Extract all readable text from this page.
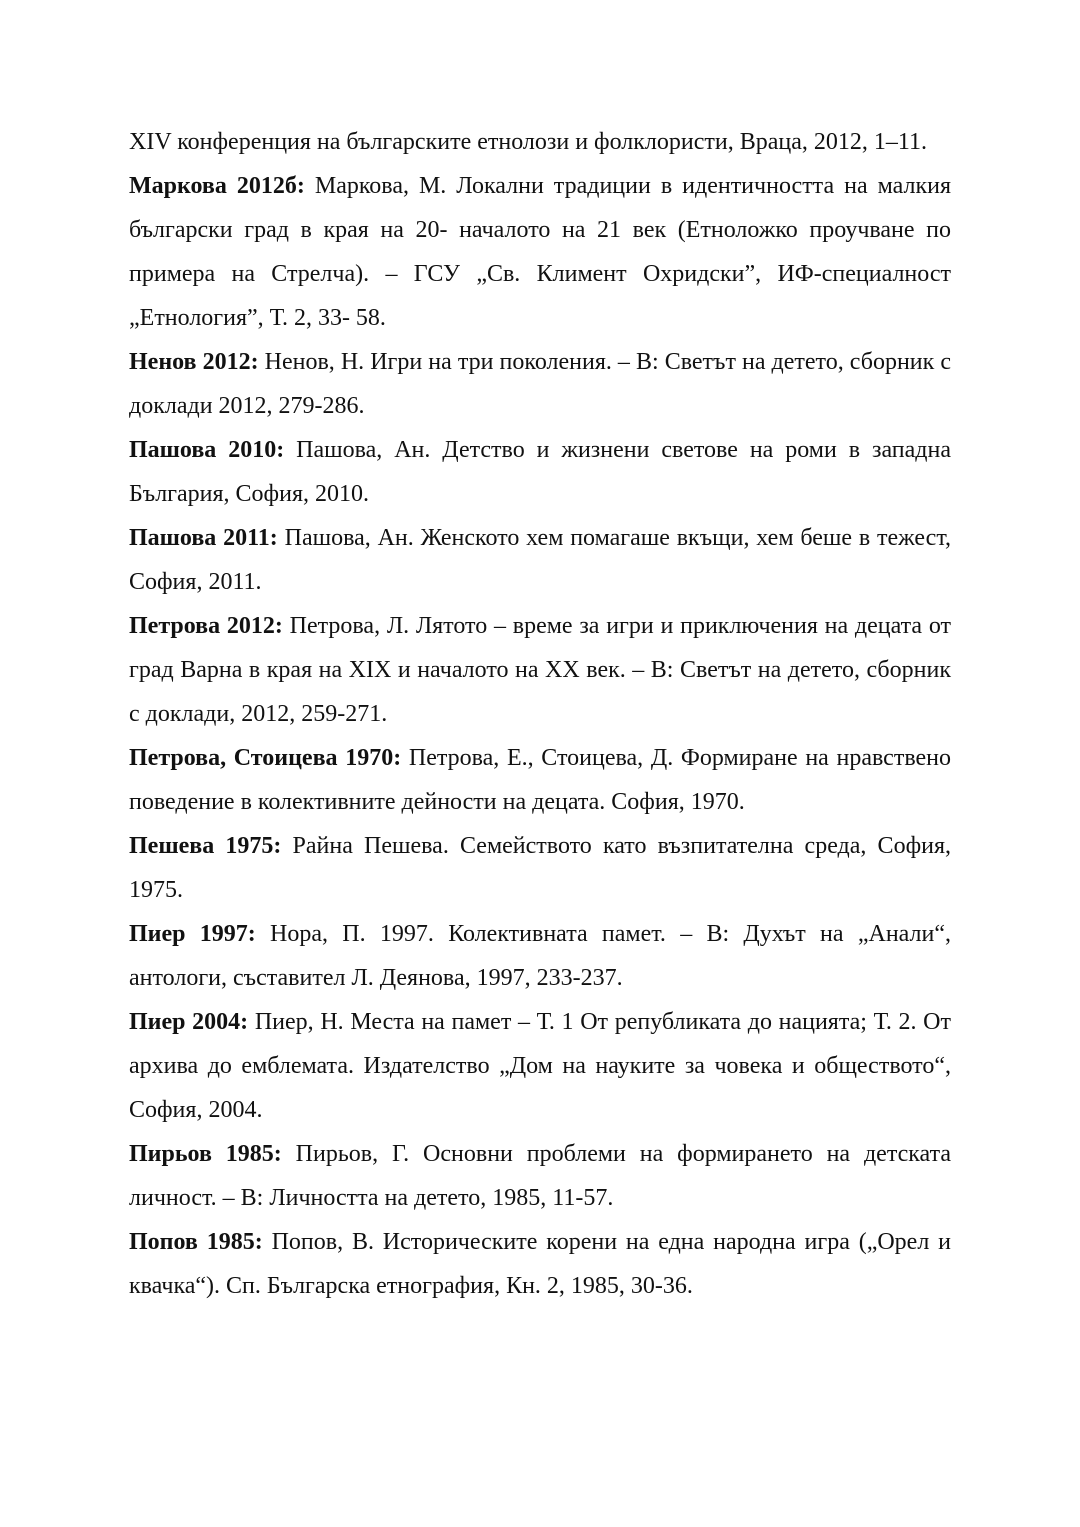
XIV конференция на българските етнолози и фолклористи, Враца, 2012, 1–11.

Маркова 2012б: Маркова, М. Локални традиции в идентичността на малкия български град в края на 20- началото на 21 век (Етноложко проучване по примера на Стрелча). – ГСУ „Св. Климент Охридски”, ИФ-специалност „Етнология”, Т. 2, 33- 58.

Ненов 2012: Ненов, Н. Игри на три поколения. – В: Светът на детето, сборник с доклади 2012, 279-286.

Пашова 2010: Пашова, Ан. Детство и жизнени светове на роми в западна България, София, 2010.

Пашова 2011: Пашова, Ан. Женското хем помагаше вкъщи, хем беше в тежест, София, 2011.

Петрова 2012: Петрова, Л. Лятото – време за игри и приключения на децата от град Варна в края на XIX и началото на XX век. – В: Светът на детето, сборник с доклади, 2012, 259-271.

Петрова, Стоицева 1970: Петрова, Е., Стоицева, Д. Формиране на нравствено поведение в колективните дейности на децата. София, 1970.

Пешева 1975: Райна Пешева. Семейството като възпитателна среда, София, 1975.

Пиер 1997: Нора, П. 1997. Колективната памет. – В: Духът на „Анали“, антологи, съставител Л. Деянова, 1997, 233-237.

Пиер 2004: Пиер, Н. Места на памет – Т. 1 От републиката до нацията; Т. 2. От архива до емблемата. Издателство „Дом на науките за човека и обществото“, София, 2004.

Пирьов 1985: Пирьов, Г. Основни проблеми на формирането на детската личност. – В: Личността на детето, 1985, 11-57.

Попов 1985: Попов, В. Историческите корени на една народна игра („Орел и квачка“). Сп. Българска етнография, Кн. 2, 1985, 30-36.
